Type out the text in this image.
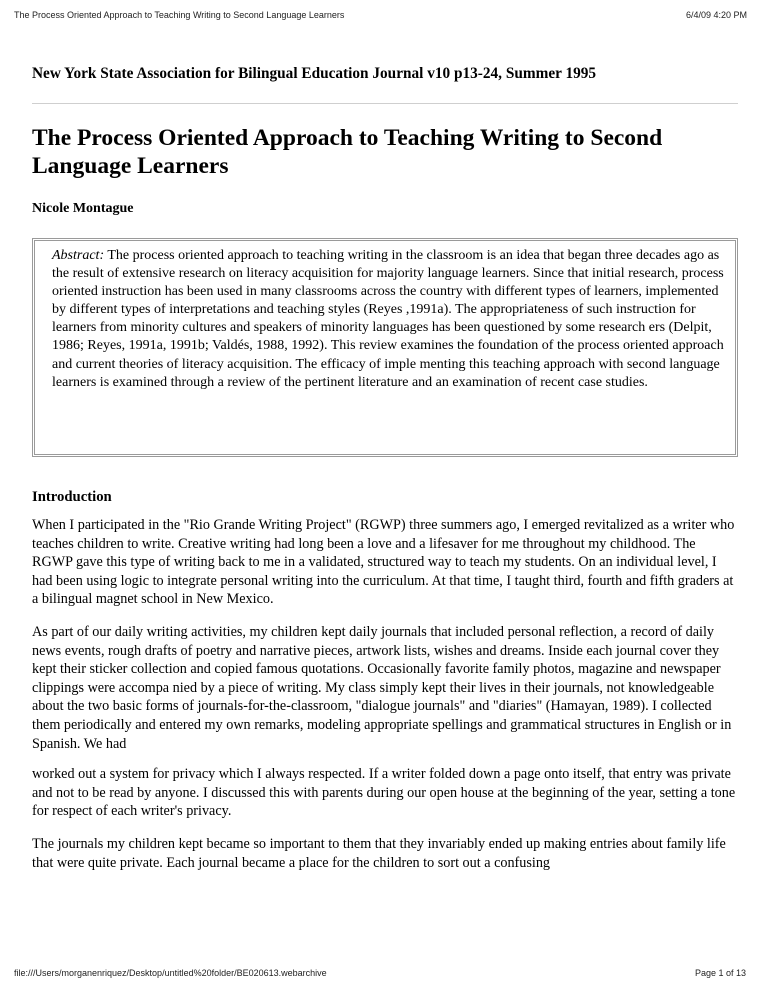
The Process Oriented Approach to Teaching Writing to Second Language Learners	6/4/09 4:20 PM

New York State Association for Bilingual Education Journal v10 p13-24, Summer 1995

The Process Oriented Approach to Teaching Writing to Second Language Learners

Nicole Montague

Abstract: The process oriented approach to teaching writing in the classroom is an idea that began three decades ago as the result of extensive research on literacy acquisition for majority language learners. Since that initial research, process oriented instruction has been used in many classrooms across the country with different types of learners, implemented by different types of interpretations and teaching styles (Reyes ,1991a). The appropriateness of such instruction for learners from minority cultures and speakers of minority languages has been questioned by some research ers (Delpit, 1986; Reyes, 1991a, 1991b; Valdés, 1988, 1992). This review examines the foundation of the process oriented approach and current theories of literacy acquisition. The efficacy of imple menting this teaching approach with second language learners is examined through a review of the pertinent literature and an examination of recent case studies.
Introduction

When I participated in the "Rio Grande Writing Project" (RGWP) three summers ago, I emerged revitalized as a writer who teaches children to write. Creative writing had long been a love and a lifesaver for me throughout my childhood. The RGWP gave this type of writing back to me in a validated, structured way to teach my students. On an individual level, I had been using logic to integrate personal writing into the curriculum. At that time, I taught third, fourth and fifth graders at a bilingual magnet school in New Mexico.

As part of our daily writing activities, my children kept daily journals that included personal reflection, a record of daily news events, rough drafts of poetry and narrative pieces, artwork lists, wishes and dreams. Inside each journal cover they kept their sticker collection and copied famous quotations. Occasionally favorite family photos, magazine and newspaper clippings were accompa nied by a piece of writing. My class simply kept their lives in their journals, not knowledgeable about the two basic forms of journals-for-the-classroom, "dialogue journals" and "diaries" (Hamayan, 1989). I collected them periodically and entered my own remarks, modeling appropriate spellings and grammatical structures in English or in Spanish. We had

worked out a system for privacy which I always respected. If a writer folded down a page onto itself, that entry was private and not to be read by anyone. I discussed this with parents during our open house at the beginning of the year, setting a tone for respect of each writer's privacy.

The journals my children kept became so important to them that they invariably ended up making entries about family life that were quite private. Each journal became a place for the children to sort out a confusing

file:///Users/morganenriquez/Desktop/untitled%20folder/BE020613.webarchive	Page 1 of 13
